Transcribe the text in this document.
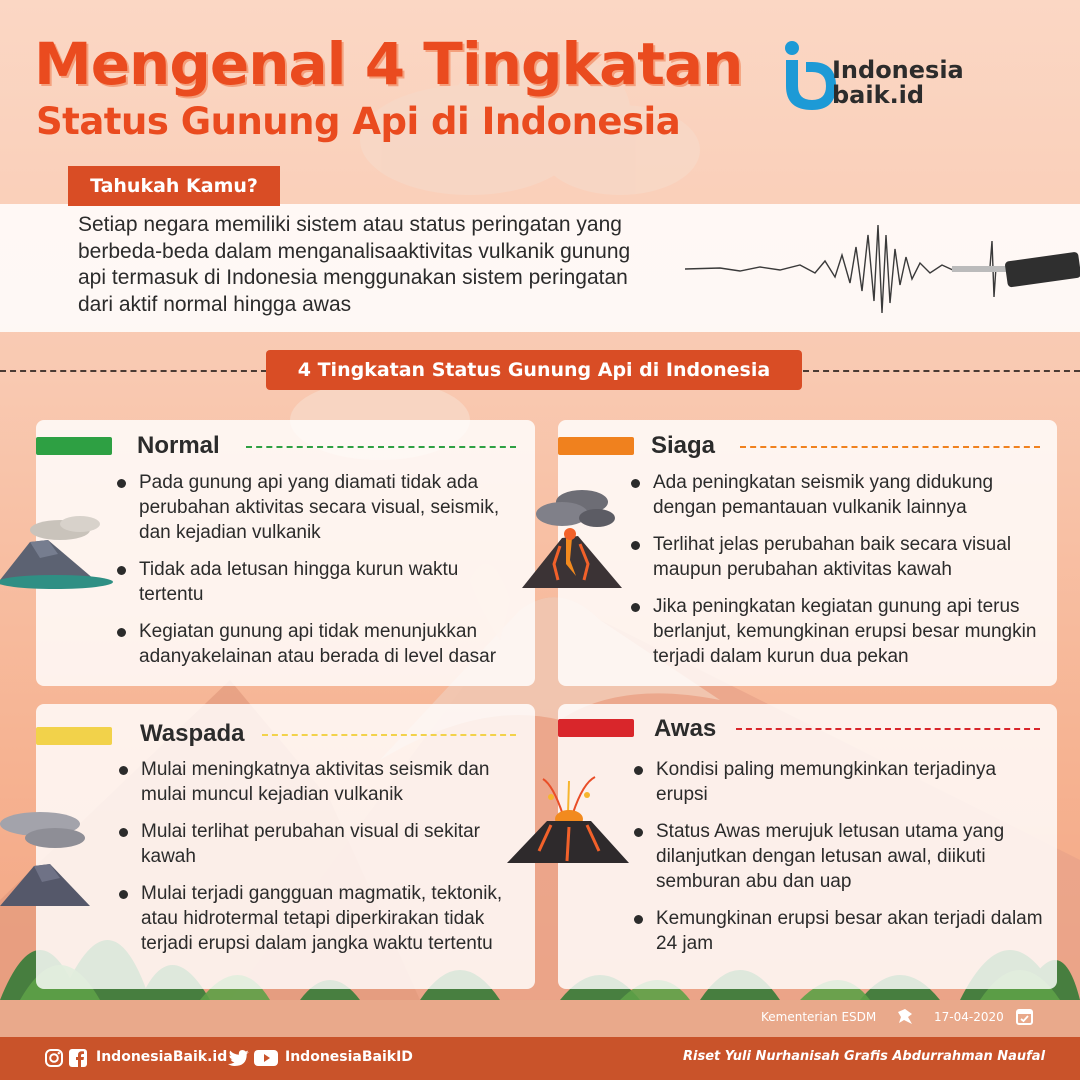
Mengenal 4 Tingkatan
Status Gunung Api di Indonesia
Indonesia
baik.id
Tahukah Kamu?
Setiap negara memiliki sistem atau status peringatan yang
berbeda-beda dalam menganalisaaktivitas vulkanik gunung
api termasuk di Indonesia menggunakan sistem peringatan
dari aktif normal hingga awas
4 Tingkatan Status Gunung Api di Indonesia
Normal
Pada gunung api yang diamati tidak ada perubahan aktivitas secara visual, seismik, dan kejadian vulkanik
Tidak ada letusan hingga kurun waktu tertentu
Kegiatan gunung api tidak menunjukkan adanyakelainan atau berada di level dasar
Siaga
Ada peningkatan seismik yang didukung dengan pemantauan vulkanik lainnya
Terlihat jelas perubahan baik secara visual maupun perubahan aktivitas kawah
Jika peningkatan kegiatan gunung api terus berlanjut, kemungkinan erupsi besar mungkin terjadi dalam kurun dua pekan
Waspada
Mulai meningkatnya aktivitas seismik dan mulai muncul kejadian vulkanik
Mulai terlihat perubahan visual di sekitar kawah
Mulai terjadi gangguan magmatik, tektonik, atau hidrotermal tetapi diperkirakan tidak terjadi erupsi dalam jangka waktu tertentu
Awas
Kondisi paling memungkinkan terjadinya erupsi
Status Awas merujuk letusan utama yang dilanjutkan dengan letusan awal, diikuti semburan abu dan uap
Kemungkinan erupsi besar akan terjadi dalam 24 jam
Kementerian ESDM	17-04-2020
IndonesiaBaik.id	IndonesiaBaikID	Riset Yuli Nurhanisah Grafis Abdurrahman Naufal
